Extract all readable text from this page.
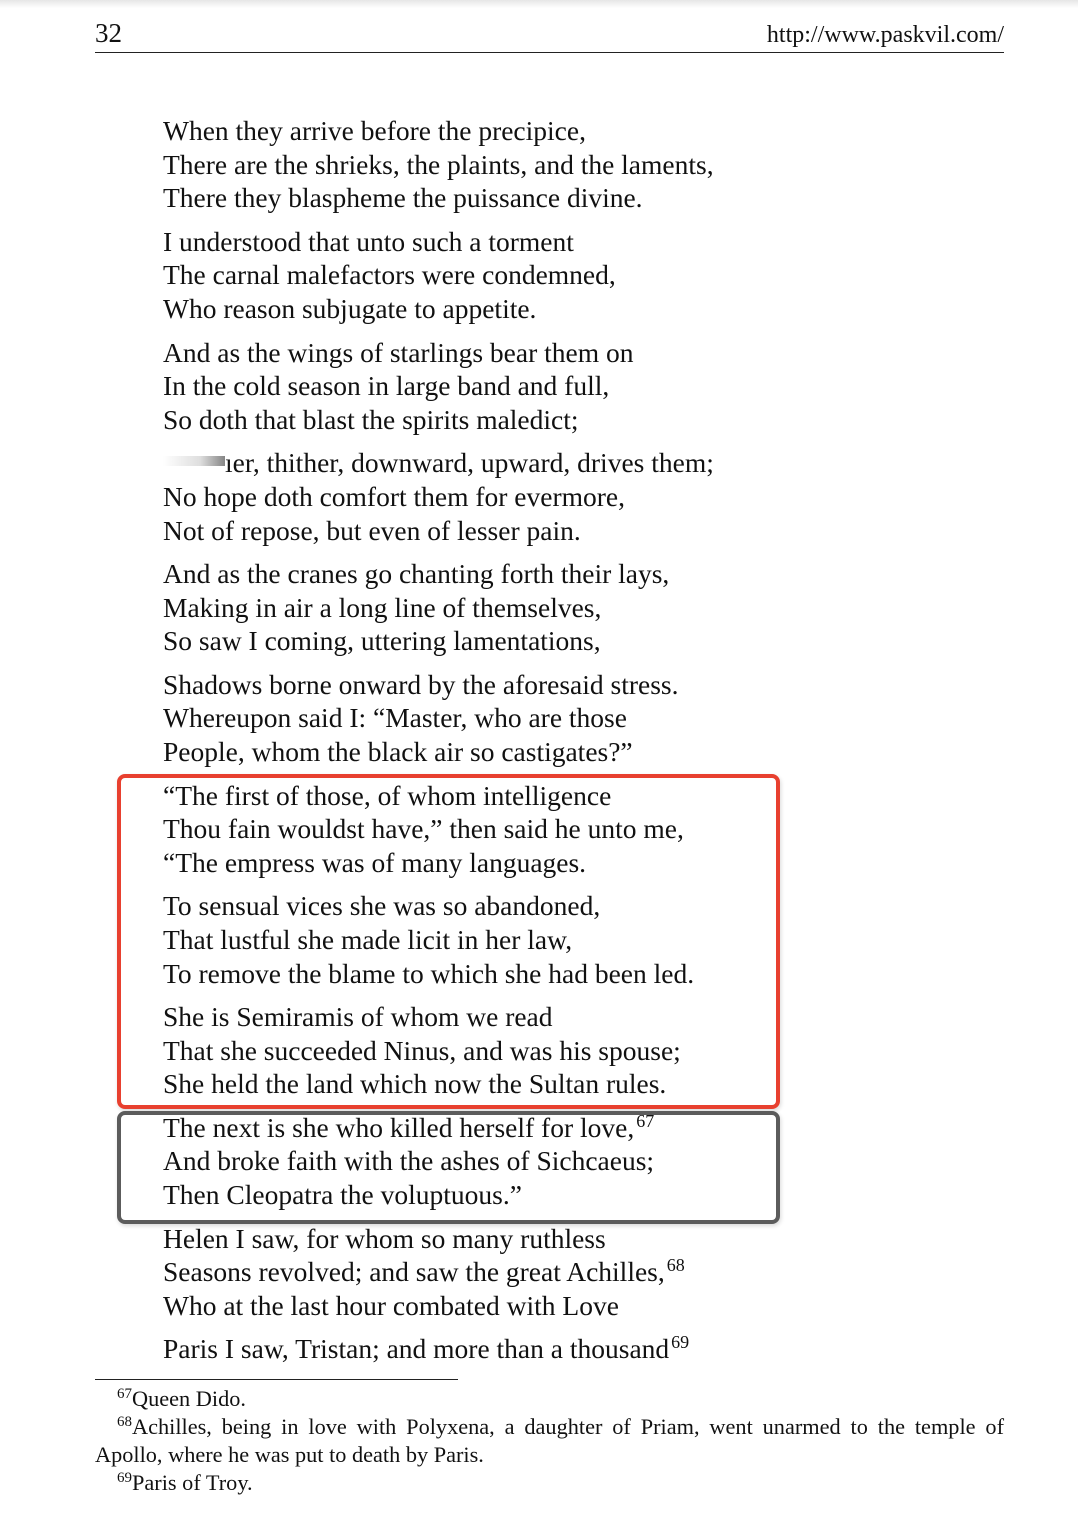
32	http://www.paskvil.com/
When they arrive before the precipice,
There are the shrieks, the plaints, and the laments,
There they blaspheme the puissance divine.
I understood that unto such a torment
The carnal malefactors were condemned,
Who reason subjugate to appetite.
And as the wings of starlings bear them on
In the cold season in large band and full,
So doth that blast the spirits maledict;
ıer, thither, downward, upward, drives them;
No hope doth comfort them for evermore,
Not of repose, but even of lesser pain.
And as the cranes go chanting forth their lays,
Making in air a long line of themselves,
So saw I coming, uttering lamentations,
Shadows borne onward by the aforesaid stress.
Whereupon said I: “Master, who are those
People, whom the black air so castigates?”
“The first of those, of whom intelligence
Thou fain wouldst have,” then said he unto me,
“The empress was of many languages.
To sensual vices she was so abandoned,
That lustful she made licit in her law,
To remove the blame to which she had been led.
She is Semiramis of whom we read
That she succeeded Ninus, and was his spouse;
She held the land which now the Sultan rules.
The next is she who killed herself for love, $^{67}$
And broke faith with the ashes of Sichcaeus;
Then Cleopatra the voluptuous.”
Helen I saw, for whom so many ruthless
Seasons revolved; and saw the great Achilles, $^{68}$
Who at the last hour combated with Love
Paris I saw, Tristan; and more than a thousand $^{69}$
$^{67}$Queen Dido.
$^{68}$Achilles, being in love with Polyxena, a daughter of Priam, went unarmed to the temple of Apollo, where he was put to death by Paris.
$^{69}$Paris of Troy.
